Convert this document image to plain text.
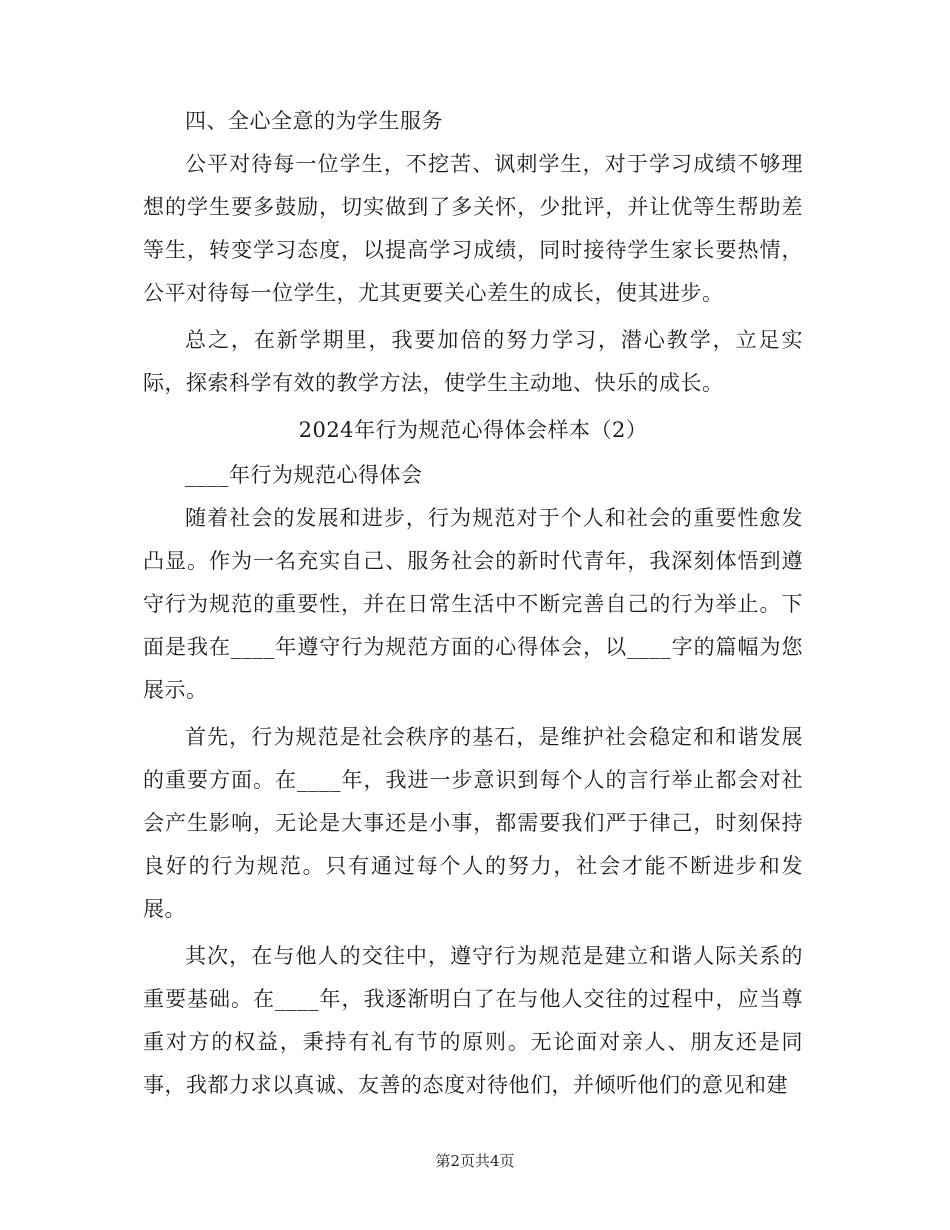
四、全心全意的为学生服务

公平对待每一位学生，不挖苦、讽刺学生，对于学习成绩不够理想的学生要多鼓励，切实做到了多关怀，少批评，并让优等生帮助差等生，转变学习态度，以提高学习成绩，同时接待学生家长要热情，公平对待每一位学生，尤其更要关心差生的成长，使其进步。

总之，在新学期里，我要加倍的努力学习，潜心教学，立足实际，探索科学有效的教学方法，使学生主动地、快乐的成长。

2024年行为规范心得体会样本（2）

____年行为规范心得体会

随着社会的发展和进步，行为规范对于个人和社会的重要性愈发凸显。作为一名充实自己、服务社会的新时代青年，我深刻体悟到遵守行为规范的重要性，并在日常生活中不断完善自己的行为举止。下面是我在____年遵守行为规范方面的心得体会，以____字的篇幅为您展示。

首先，行为规范是社会秩序的基石，是维护社会稳定和和谐发展的重要方面。在____年，我进一步意识到每个人的言行举止都会对社会产生影响，无论是大事还是小事，都需要我们严于律己，时刻保持良好的行为规范。只有通过每个人的努力，社会才能不断进步和发展。

其次，在与他人的交往中，遵守行为规范是建立和谐人际关系的重要基础。在____年，我逐渐明白了在与他人交往的过程中，应当尊重对方的权益，秉持有礼有节的原则。无论面对亲人、朋友还是同事，我都力求以真诚、友善的态度对待他们，并倾听他们的意见和建

第2页共4页
